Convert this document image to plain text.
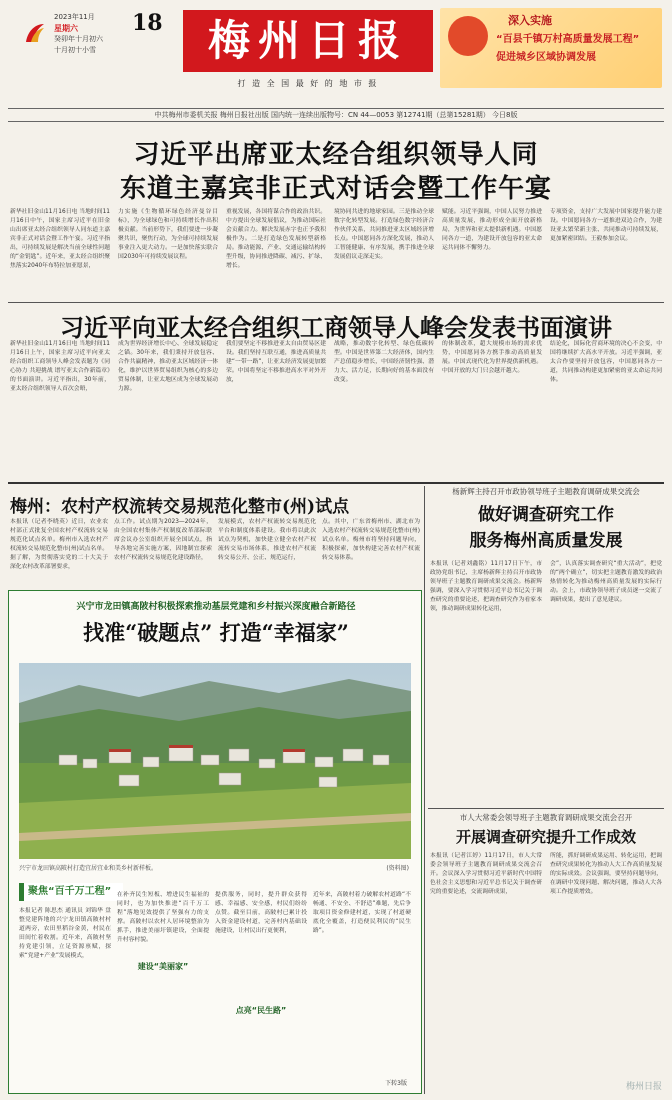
2023年11月
星期六
癸卯年十月初六
十月初十小雪
18	梅州日报
打 造 全 国 最 好 的 地 市 报
深入实施
“百县千镇万村高质量发展工程”
促进城乡区域协调发展
中共梅州市委机关报 梅州日报社出版 国内统一连续出版物号：CN 44—0053 第12741期（总第15281期） 今日8版
习近平出席亚太经合组织领导人同
东道主嘉宾非正式对话会暨工作午宴
新华社旧金山11月16日电 当地时间11月16日中午，国家主席习近平在旧金山出席亚太经合组织领导人同东道主嘉宾非正式对话会暨工作午宴。习近平指出，可持续发展是解决当前全球性问题的“金钥匙”。近年来，亚太经合组织聚焦落实2040年布特拉加亚愿景，
力实施《生物循环绿色经济曼谷目标》，为全球绿色和可持续增长作出积极贡献。当前形势下，我们要进一步凝聚共识，聚焦行动，为全球可持续发展事业注入更大动力。一是加快落实联合国2030年可持续发展议程。
重视发展，各国将谋合作的政治共识。中方提出全球发展倡议，为推动国际社会贡献合力。解决发展赤字也正予我积极作为。二是打造绿色发展转型新格局。推动能源、产业、交通运输结构转型升级，协同推进降碳、减污、扩绿、增长。
境协同共进的地球家园。三是推动全球数字化转型发展。打造绿色数字经济合作伙伴关系，共同推进亚太区域经济增长点。中国愿同各方深化发展，推动人工智能健康、有序发展，携手推进全球发展倡议走深走实。
赋能。习近平强调，中国人民努力推进高质量发展，推动形成全面开放新格局，为世界和亚太提供新机遇。中国愿同各方一道，为建设开放包容的亚太命运共同体不懈努力。
专项资金，支持广大发展中国家提升能力建设。中国愿同各方一道推进双边合作，为建设亚太繁荣新主张、共同推动可持续发展，更加紧密团结。王毅参加会议。
习近平向亚太经合组织工商领导人峰会发表书面演讲
新华社旧金山11月16日电 当地时间11月16日上午，国家主席习近平向亚太经合组织工商领导人峰会发表题为《同心协力 共迎挑战 谱写亚太合作新篇章》的书面演讲。习近平指出，30年前，亚太经合组织领导人首次会晤，
成为世界经济增长中心、全球发展稳定之锚。30年来，我们秉持开放包容、合作共赢精神，推动亚太区域经济一体化，维护以世界贸易组织为核心的多边贸易体制，让亚太地区成为全球发展动力源。
我们要坚定不移推进亚太自由贸易区建设。我们坚持互联互通，推进高质量共建“一带一路”，让亚太经济发展更加繁荣。中国将坚定不移推进高水平对外开放，
战略，推动数字化转型、绿色低碳转型。中国是世界第二大经济体，国内生产总值稳步增长，中国经济韧性强、潜力大、活力足，长期向好的基本面没有改变。
的体制改革，超大规模市场的需求优势，中国愿同各方携手推动高质量发展。中国式现代化为世界提供新机遇。中国开放的大门只会越开越大。
结论化，国际化营商环境的决心不会变，中国将继续扩大高水平开放。习近平强调，亚太合作要坚持开放包容，中国愿同各方一道，共同推动构建更加紧密的亚太命运共同体。
梅州：农村产权流转交易规范化整市(州)试点
本报讯（记者李晓英）近日，农业农村部正式批复全国农村产权流转交易规范化试点名单。梅州市入选农村产权流转交易规范化整市(州)试点名单。据了解，为贯彻落实党的二十大关于深化农村改革部署要求，
点工作。试点期为2023—2024年，由全国农村集体产权制度改革部际联席会议办公室组织开展全国试点，指导各地完善实施方案，因地制宜探索农村产权流转交易规范化建设路径，
发展模式，农村产权流转交易规范化平台和制度体系建设。我市将以此次试点为契机，加快建立健全农村产权流转交易市场体系，推进农村产权流转交易公开、公正、规范运行，
点。其中，广东省梅州市、湖北市为入选农村产权流转交易规范化整市(州)试点名单。梅州市将坚持问题导向，积极探索，加快构建完善农村产权流转交易体系。
兴宁市龙田镇高陂村积极探索推动基层党建和乡村振兴深度融合新路径
找准“破题点” 打造“幸福家”
兴宁市龙田镇高陂村打造宜居宜业和美乡村新样板。	(资料图)
聚焦“百千万工程”
本报记者 陈思杰 通讯员 刘锦华 盘整党建阵地的兴宁龙田镇高陂村村道两旁，农田里稻谷金黄，村民在田间忙着收割。近年来，高陂村坚持党建引领，立足资源禀赋，探索“党建+产业”发展模式，
建设“美丽家”
在补齐民生短板、增进民生福祉的同时，也为加快推进“百千万工程”落地见效提供了坚强有力的支撑。高陂村以农村人居环境整治为抓手，推进美丽圩镇建设，全面提升村容村貌。
提供服务，同时，提升群众获得感、幸福感、安全感，村民们纷纷点赞。截至目前，高陂村已累计投入资金建设村道，完善村内基础设施建设，让村民出行更便利，
点亮“民生路”
近年来，高陂村着力破解农村道路“不畅通、不安全、不舒适”难题，先后争取项目资金修建村道，实现了村道硬底化全覆盖，打造便民利民的“民生路”。
下转3版
杨新辉主持召开市政协领导班子主题教育调研成果交流会
做好调查研究工作
服务梅州高质量发展
本报讯（记者刘鑫铭）11月17日下午，市政协党组书记、主席杨新辉主持召开市政协领导班子主题教育调研成果交流会。杨新辉强调，要深入学习贯彻习近平总书记关于调查研究的重要论述，把调查研究作为看家本领，推动调研成果转化运用，
会”，认真落实调查研究“重大活动”，把党的“两个确立”，切实把主题教育激发的政治热情转化为推动梅州高质量发展的实际行动。会上，市政协领导班子成员逐一交流了调研成果，提出了意见建议。
市人大常委会领导班子主题教育调研成果交流会召开
开展调查研究提升工作成效
本报讯（记者江婷）11月17日，市人大常委会领导班子主题教育调研成果交流会召开。会议深入学习贯彻习近平新时代中国特色社会主义思想和习近平总书记关于调查研究的重要论述，交流调研成果，
所能，抓好调研成果运用、转化运用，把调查研究成果转化为推动人大工作高质量发展的实际成效。会议强调，要坚持问题导向，在调研中发现问题、解决问题，推动人大各项工作提质增效。
梅州日报
